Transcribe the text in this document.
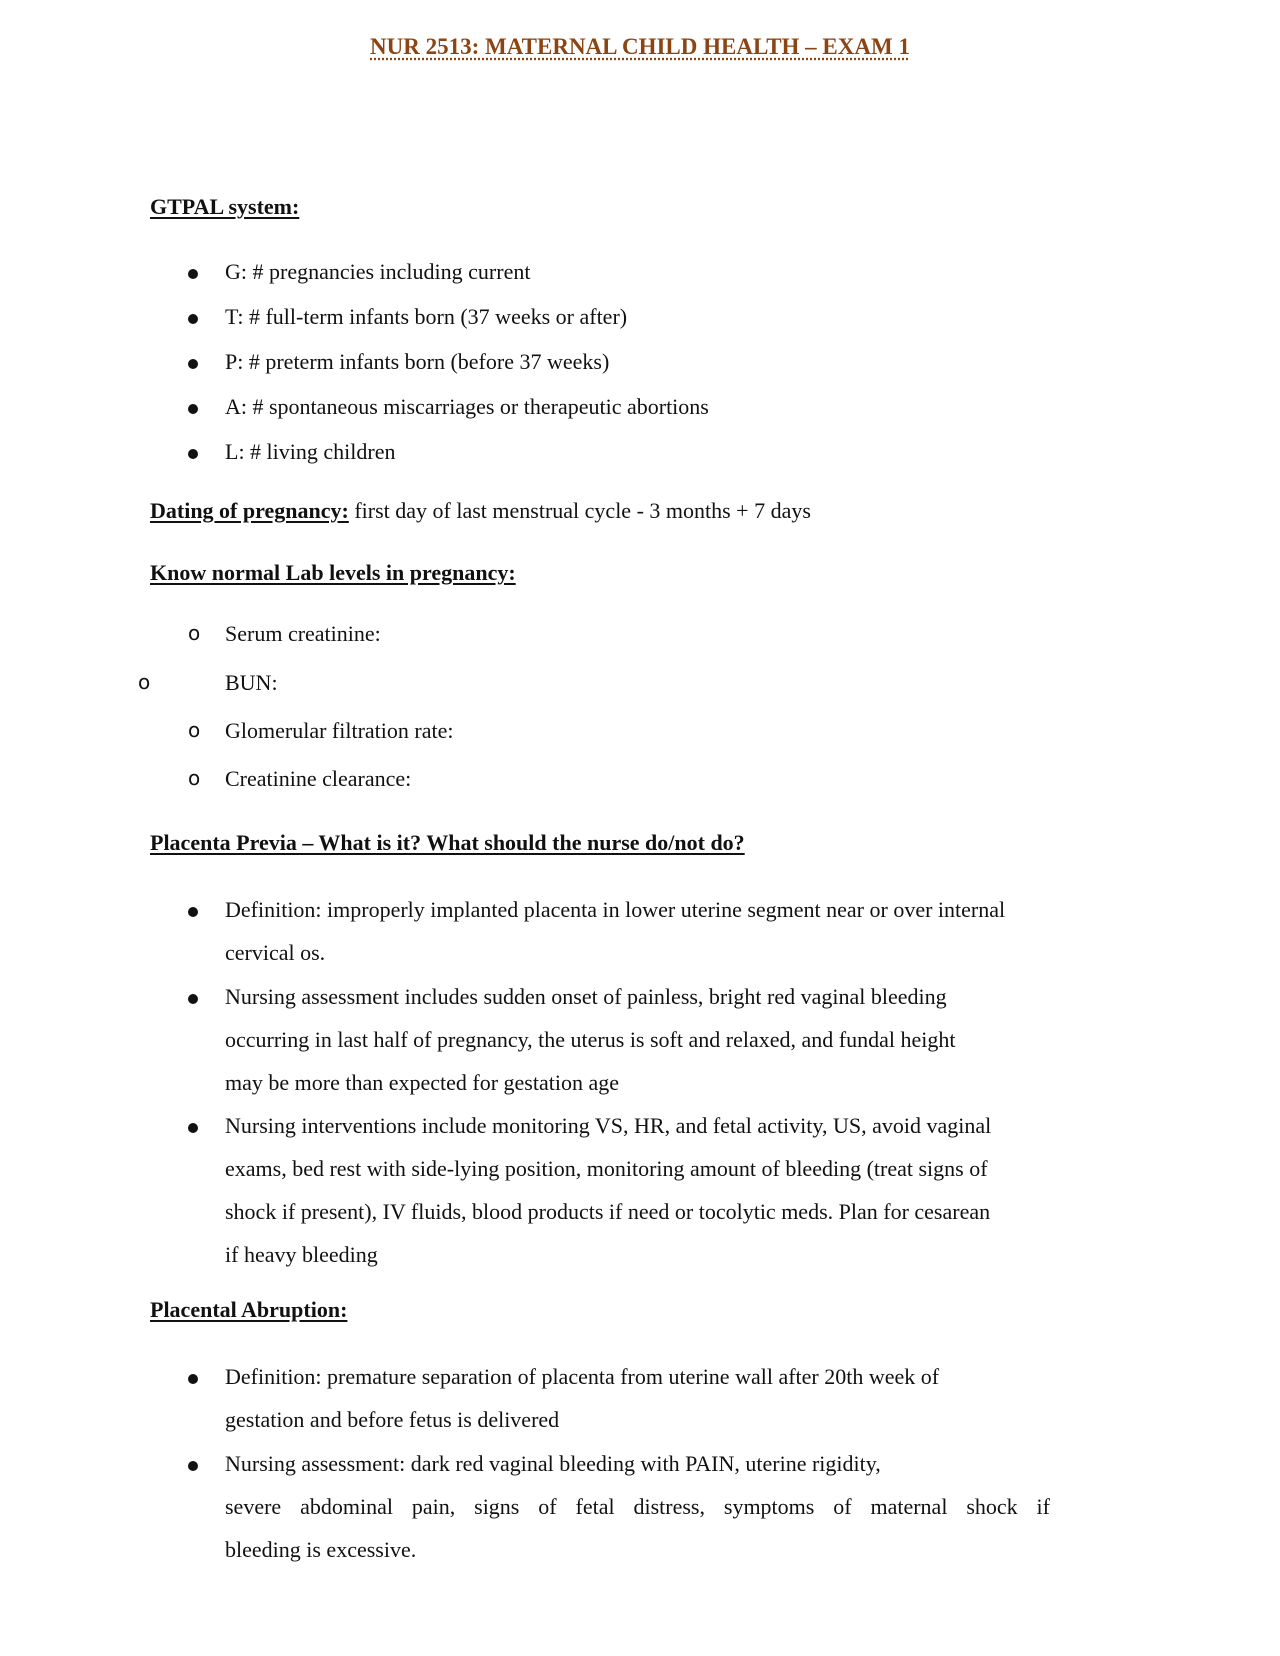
NUR 2513: MATERNAL CHILD HEALTH – EXAM 1

GTPAL system:

G: # pregnancies including current

T: # full-term infants born (37 weeks or after)

P: # preterm infants born (before 37 weeks)

A: # spontaneous miscarriages or therapeutic abortions

L: # living children

Dating of pregnancy: first day of last menstrual cycle - 3 months + 7 days

Know normal Lab levels in pregnancy:

o Serum creatinine:

o	BUN:

o Glomerular filtration rate:

o Creatinine clearance:

Placenta Previa – What is it? What should the nurse do/not do?

Definition: improperly implanted placenta in lower uterine segment near or over internal
cervical os.

Nursing assessment includes sudden onset of painless, bright red vaginal bleeding
occurring in last half of pregnancy, the uterus is soft and relaxed, and fundal height
may be more than expected for gestation age

Nursing interventions include monitoring VS, HR, and fetal activity, US, avoid vaginal
exams, bed rest with side-lying position, monitoring amount of bleeding (treat signs of
shock if present), IV fluids, blood products if need or tocolytic meds. Plan for cesarean
if heavy bleeding

Placental Abruption:

Definition: premature separation of placenta from uterine wall after 20th week of
gestation and before fetus is delivered

Nursing assessment: dark red vaginal bleeding with PAIN, uterine rigidity,
severe abdominal pain, signs of fetal distress, symptoms of maternal shock if
bleeding is excessive.
